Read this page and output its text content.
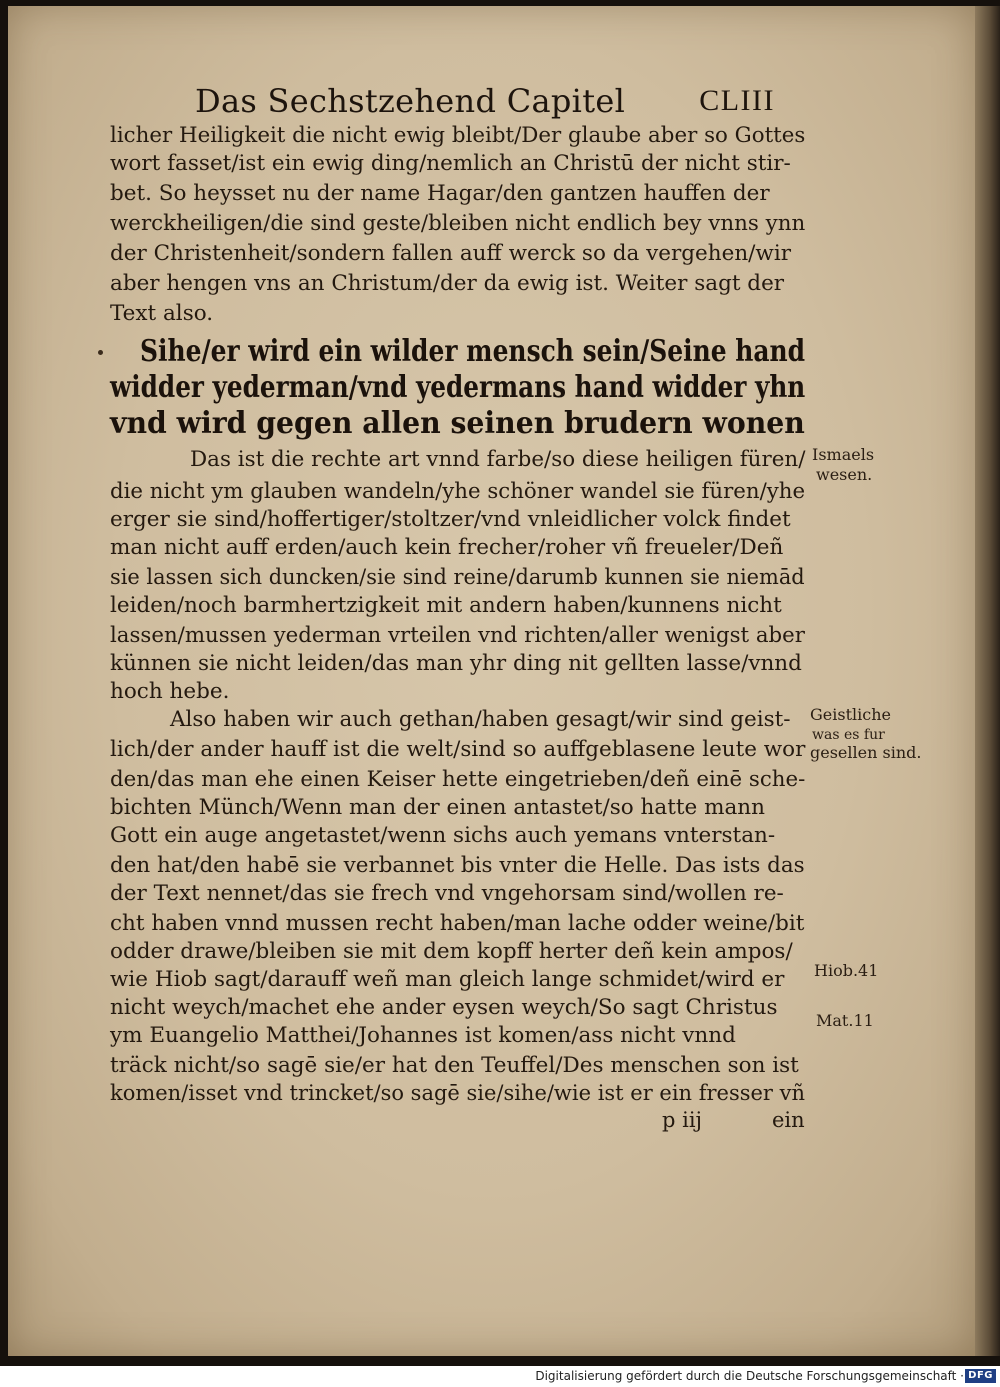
Das Sechstzehend Capitel CLIII
licher Heiligkeit die nicht ewig bleibt/Der glaube aber so Gottes
wort fasset/ist ein ewig ding/nemlich an Christū der nicht stir-
bet. So heysset nu der name Hagar/den gantzen hauffen der
werckheiligen/die sind geste/bleiben nicht endlich bey vnns ynn
der Christenheit/sondern fallen auff werck so da vergehen/wir
aber hengen vns an Christum/der da ewig ist. Weiter sagt der
Text also.
Sihe/er wird ein wilder mensch sein/Seine hand
widder yederman/vnd yedermans hand widder yhn
vnd wird gegen allen seinen brudern wonen
Das ist die rechte art vnnd farbe/so diese heiligen füren/
die nicht ym glauben wandeln/yhe schöner wandel sie füren/yhe
erger sie sind/hoffertiger/stoltzer/vnd vnleidlicher volck findet
man nicht auff erden/auch kein frecher/roher vñ freueler/Deñ
sie lassen sich duncken/sie sind reine/darumb kunnen sie niemād
leiden/noch barmhertzigkeit mit andern haben/kunnens nicht
lassen/mussen yederman vrteilen vnd richten/aller wenigst aber
künnen sie nicht leiden/das man yhr ding nit gellten lasse/vnnd
hoch hebe.
Also haben wir auch gethan/haben gesagt/wir sind geist-
lich/der ander hauff ist die welt/sind so auffgeblasene leute wor
den/das man ehe einen Keiser hette eingetrieben/deñ einē sche-
bichten Münch/Wenn man der einen antastet/so hatte mann
Gott ein auge angetastet/wenn sichs auch yemans vnterstan-
den hat/den habē sie verbannet bis vnter die Helle. Das ists das
der Text nennet/das sie frech vnd vngehorsam sind/wollen re-
cht haben vnnd mussen recht haben/man lache odder weine/bit
odder drawe/bleiben sie mit dem kopff herter deñ kein ampos/
wie Hiob sagt/darauff weñ man gleich lange schmidet/wird er
nicht weych/machet ehe ander eysen weych/So sagt Christus
ym Euangelio Matthei/Johannes ist komen/ass nicht vnnd
träck nicht/so sagē sie/er hat den Teuffel/Des menschen son ist
komen/isset vnd trincket/so sagē sie/sihe/wie ist er ein fresser vñ
p iij	ein
Ismaels
wesen.
Geistliche
was es fur
gesellen sind.
Hiob.41
Mat.11
Digitalisierung gefördert durch die Deutsche Forschungsgemeinschaft · DFG
